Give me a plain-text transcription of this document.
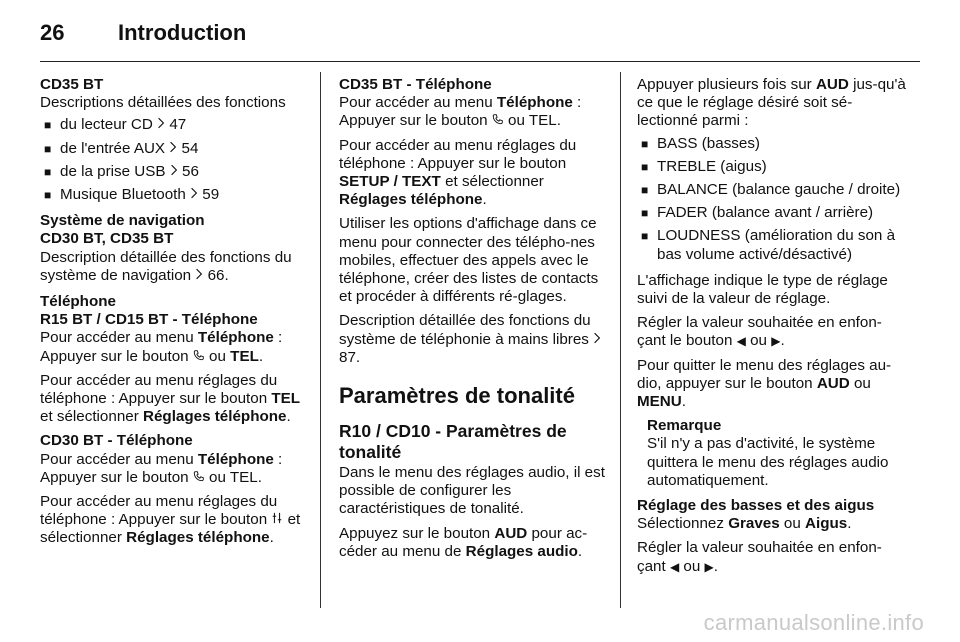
26 Introduction
CD35 BT

Descriptions détaillées des fonctions

■ du lecteur CD 47
■ de l'entrée AUX 54
■ de la prise USB 56
■ Musique Bluetooth 59
Système de navigation
CD30 BT, CD35 BT

Description détaillée des fonctions du système de navigation 66.

Téléphone
R15 BT / CD15 BT - Téléphone

Pour accéder au menu Téléphone : Appuyer sur le bouton  ou TEL.

Pour accéder au menu réglages du téléphone : Appuyer sur le bouton TEL et sélectionner Réglages téléphone.

CD30 BT - Téléphone

Pour accéder au menu Téléphone : Appuyer sur le bouton  ou TEL.

Pour accéder au menu réglages du téléphone : Appuyer sur le bouton  et sélectionner Réglages téléphone.

CD35 BT - Téléphone

Pour accéder au menu Téléphone : Appuyer sur le bouton  ou TEL.

Pour accéder au menu réglages du téléphone : Appuyer sur le bouton SETUP / TEXT et sélectionner Réglages téléphone.

Utiliser les options d'affichage dans ce menu pour connecter des télépho-nes mobiles, effectuer des appels avec le téléphone, créer des listes de contacts et procéder à différents ré-glages.

Description détaillée des fonctions du système de téléphonie à mains libres  87.

Paramètres de tonalité
R10 / CD10 - Paramètres de tonalité

Dans le menu des réglages audio, il est possible de configurer les caractéristiques de tonalité.

Appuyez sur le bouton AUD pour ac-céder au menu de Réglages audio.

Appuyer plusieurs fois sur AUD jus-qu'à ce que le réglage désiré soit sé-lectionné parmi :

■ BASS (basses)
■ TREBLE (aigus)
■ BALANCE (balance gauche / droite)
■ FADER (balance avant / arrière)
■ LOUDNESS (amélioration du son à bas volume activé/désactivé)

L'affichage indique le type de réglage suivi de la valeur de réglage.

Régler la valeur souhaitée en enfon-çant le bouton ◀ ou ▶.

Pour quitter le menu des réglages au-dio, appuyer sur le bouton AUD ou MENU.

Remarque
S'il n'y a pas d'activité, le système quittera le menu des réglages audio automatiquement.
Réglage des basses et des aigus

Sélectionnez Graves ou Aigus.

Régler la valeur souhaitée en enfon-çant ◀ ou ▶.

carmanualsonline.info
